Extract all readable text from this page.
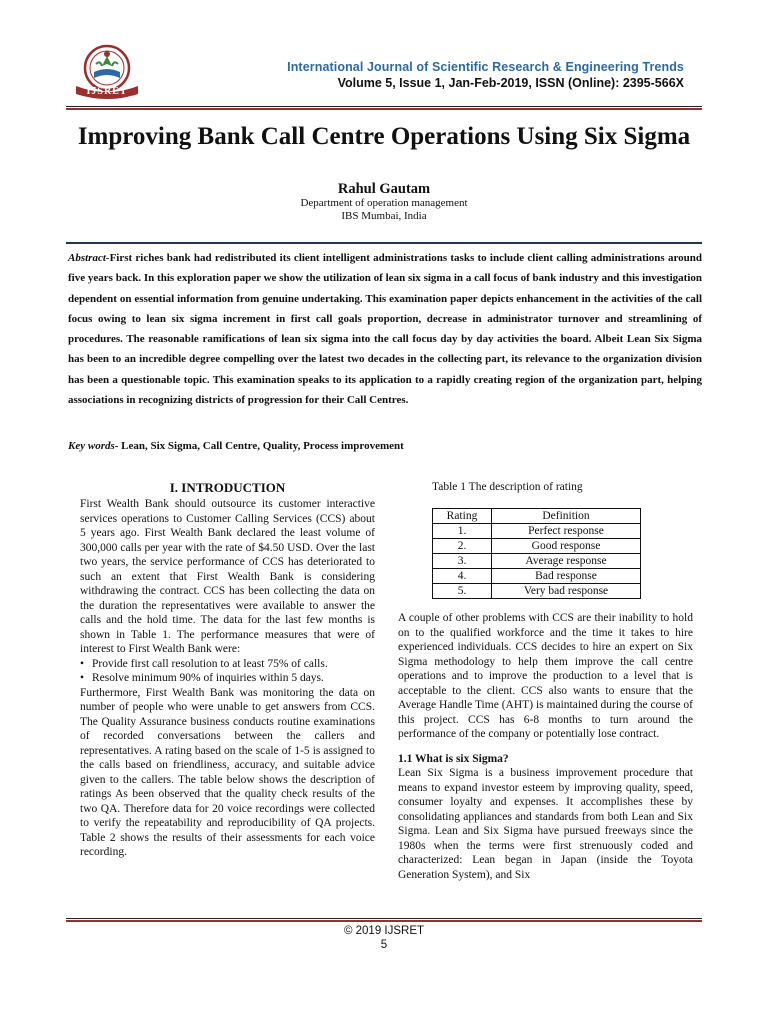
IJSRET
International Journal of Scientific Research & Engineering Trends
Volume 5, Issue 1, Jan-Feb-2019, ISSN (Online): 2395-566X
Improving Bank Call Centre Operations Using Six Sigma
Rahul Gautam
Department of operation management
IBS Mumbai, India
Abstract-First riches bank had redistributed its client intelligent administrations tasks to include client calling administrations around five years back. In this exploration paper we show the utilization of lean six sigma in a call focus of bank industry and this investigation dependent on essential information from genuine undertaking. This examination paper depicts enhancement in the activities of the call focus owing to lean six sigma increment in first call goals proportion, decrease in administrator turnover and streamlining of procedures. The reasonable ramifications of lean six sigma into the call focus day by day activities the board. Albeit Lean Six Sigma has been to an incredible degree compelling over the latest two decades in the collecting part, its relevance to the organization division has been a questionable topic. This examination speaks to its application to a rapidly creating region of the organization part, helping associations in recognizing districts of progression for their Call Centres.
Key words- Lean, Six Sigma, Call Centre, Quality, Process improvement
I. INTRODUCTION

First Wealth Bank should outsource its customer interactive services operations to Customer Calling Services (CCS) about 5 years ago. First Wealth Bank declared the least volume of 300,000 calls per year with the rate of $4.50 USD. Over the last two years, the service performance of CCS has deteriorated to such an extent that First Wealth Bank is considering withdrawing the contract. CCS has been collecting the data on the duration the representatives were available to answer the calls and the hold time. The data for the last few months is shown in Table 1. The performance measures that were of interest to First Wealth Bank were:

• Provide first call resolution to at least 75% of calls.
• Resolve minimum 90% of inquiries within 5 days.

Furthermore, First Wealth Bank was monitoring the data on number of people who were unable to get answers from CCS. The Quality Assurance business conducts routine examinations of recorded conversations between the callers and representatives. A rating based on the scale of 1-5 is assigned to the calls based on friendliness, accuracy, and suitable advice given to the callers. The table below shows the description of ratings As been observed that the quality check results of the two QA. Therefore data for 20 voice recordings were collected to verify the repeatability and reproducibility of QA projects. Table 2 shows the results of their assessments for each voice recording.

Table 1 The description of rating

Rating	Definition
1.	Perfect response
2.	Good response
3.	Average response
4.	Bad response
5.	Very bad response

A couple of other problems with CCS are their inability to hold on to the qualified workforce and the time it takes to hire experienced individuals. CCS decides to hire an expert on Six Sigma methodology to help them improve the call centre operations and to improve the production to a level that is acceptable to the client. CCS also wants to ensure that the Average Handle Time (AHT) is maintained during the course of this project. CCS has 6-8 months to turn around the performance of the company or potentially lose contract.

1.1 What is six Sigma?

Lean Six Sigma is a business improvement procedure that means to expand investor esteem by improving quality, speed, consumer loyalty and expenses. It accomplishes these by consolidating appliances and standards from both Lean and Six Sigma. Lean and Six Sigma have pursued freeways since the 1980s when the terms were first strenuously coded and characterized: Lean began in Japan (inside the Toyota Generation System), and Six

© 2019 IJSRET
5
